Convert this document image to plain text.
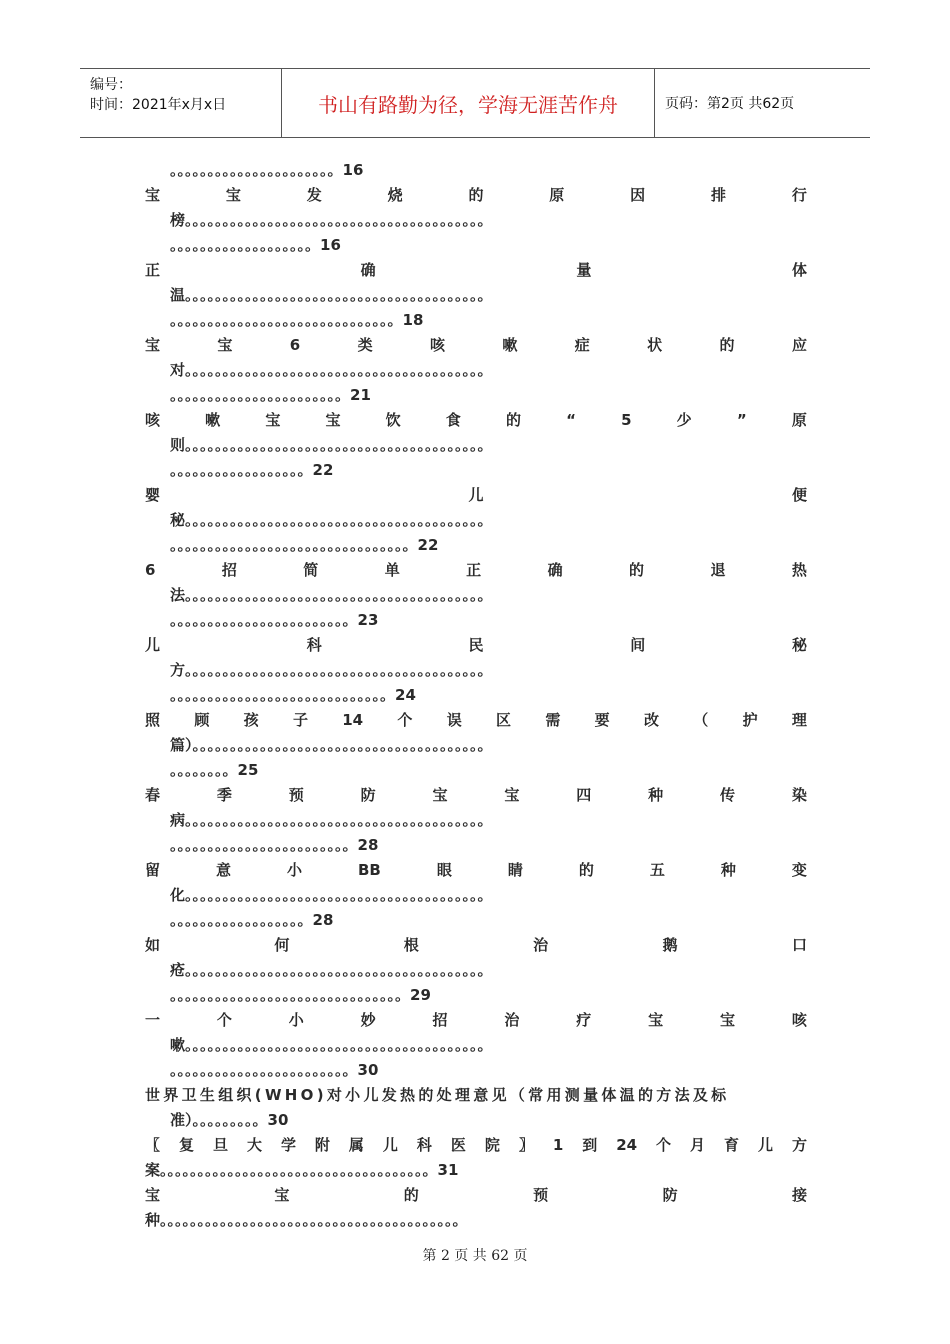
编号：
时间：2021年x月x日	书山有路勤为径，学海无涯苦作舟	页码：第2页 共62页
。。。。。。。。。。。。。。。。。。。。。。16
宝	宝	发	烧	的	原	因	排	行
榜。。。。。。。。。。。。。。。。。。。。。。。。。。。。。。。。。。。。。。。。
。。。。。。。。。。。。。。。。。。。16
正	确	量	体
温。。。。。。。。。。。。。。。。。。。。。。。。。。。。。。。。。。。。。。。。
。。。。。。。。。。。。。。。。。。。。。。。。。。。。。。18
宝	宝	6	类	咳	嗽	症	状	的	应
对。。。。。。。。。。。。。。。。。。。。。。。。。。。。。。。。。。。。。。。。
。。。。。。。。。。。。。。。。。。。。。。。21
咳	嗽	宝	宝	饮	食	的	“	5	少	”	原
则。。。。。。。。。。。。。。。。。。。。。。。。。。。。。。。。。。。。。。。。
。。。。。。。。。。。。。。。。。。22
婴	儿	便
秘。。。。。。。。。。。。。。。。。。。。。。。。。。。。。。。。。。。。。。。。
。。。。。。。。。。。。。。。。。。。。。。。。。。。。。。。。22
6	招	简	单	正	确	的	退	热
法。。。。。。。。。。。。。。。。。。。。。。。。。。。。。。。。。。。。。。。。
。。。。。。。。。。。。。。。。。。。。。。。。23
儿	科	民	间	秘
方。。。。。。。。。。。。。。。。。。。。。。。。。。。。。。。。。。。。。。。。
。。。。。。。。。。。。。。。。。。。。。。。。。。。。。24
照 顾 孩 子 14 个 误 区 需 要 改 （ 护 理
篇）。。。。。。。。。。。。。。。。。。。。。。。。。。。。。。。。。。。。。。。
。。。。。。。。25
春	季	预	防	宝	宝	四	种	传	染
病。。。。。。。。。。。。。。。。。。。。。。。。。。。。。。。。。。。。。。。。
。。。。。。。。。。。。。。。。。。。。。。。。28
留	意	小	BB	眼	睛	的	五	种	变
化。。。。。。。。。。。。。。。。。。。。。。。。。。。。。。。。。。。。。。。。
。。。。。。。。。。。。。。。。。。28
如	何	根	治	鹅	口
疮。。。。。。。。。。。。。。。。。。。。。。。。。。。。。。。。。。。。。。。。
。。。。。。。。。。。。。。。。。。。。。。。。。。。。。。。29
一	个	小	妙	招	治	疗	宝	宝	咳
嗽。。。。。。。。。。。。。。。。。。。。。。。。。。。。。。。。。。。。。。。。
。。。。。。。。。。。。。。。。。。。。。。。。30
世界卫生组织(WHO)对小儿发热的处理意见（常用测量体温的方法及标
准）。。。。。。。。。30
〖 复 旦 大 学 附 属 儿 科 医 院 〗 1 到 24 个 月 育 儿 方
案。。。。。。。。。。。。。。。。。。。。。。。。。。。。。。。。。。。。31
宝	宝	的	预	防	接
种。。。。。。。。。。。。。。。。。。。。。。。。。。。。。。。。。。。。。。。。
第 2 页 共 62 页
